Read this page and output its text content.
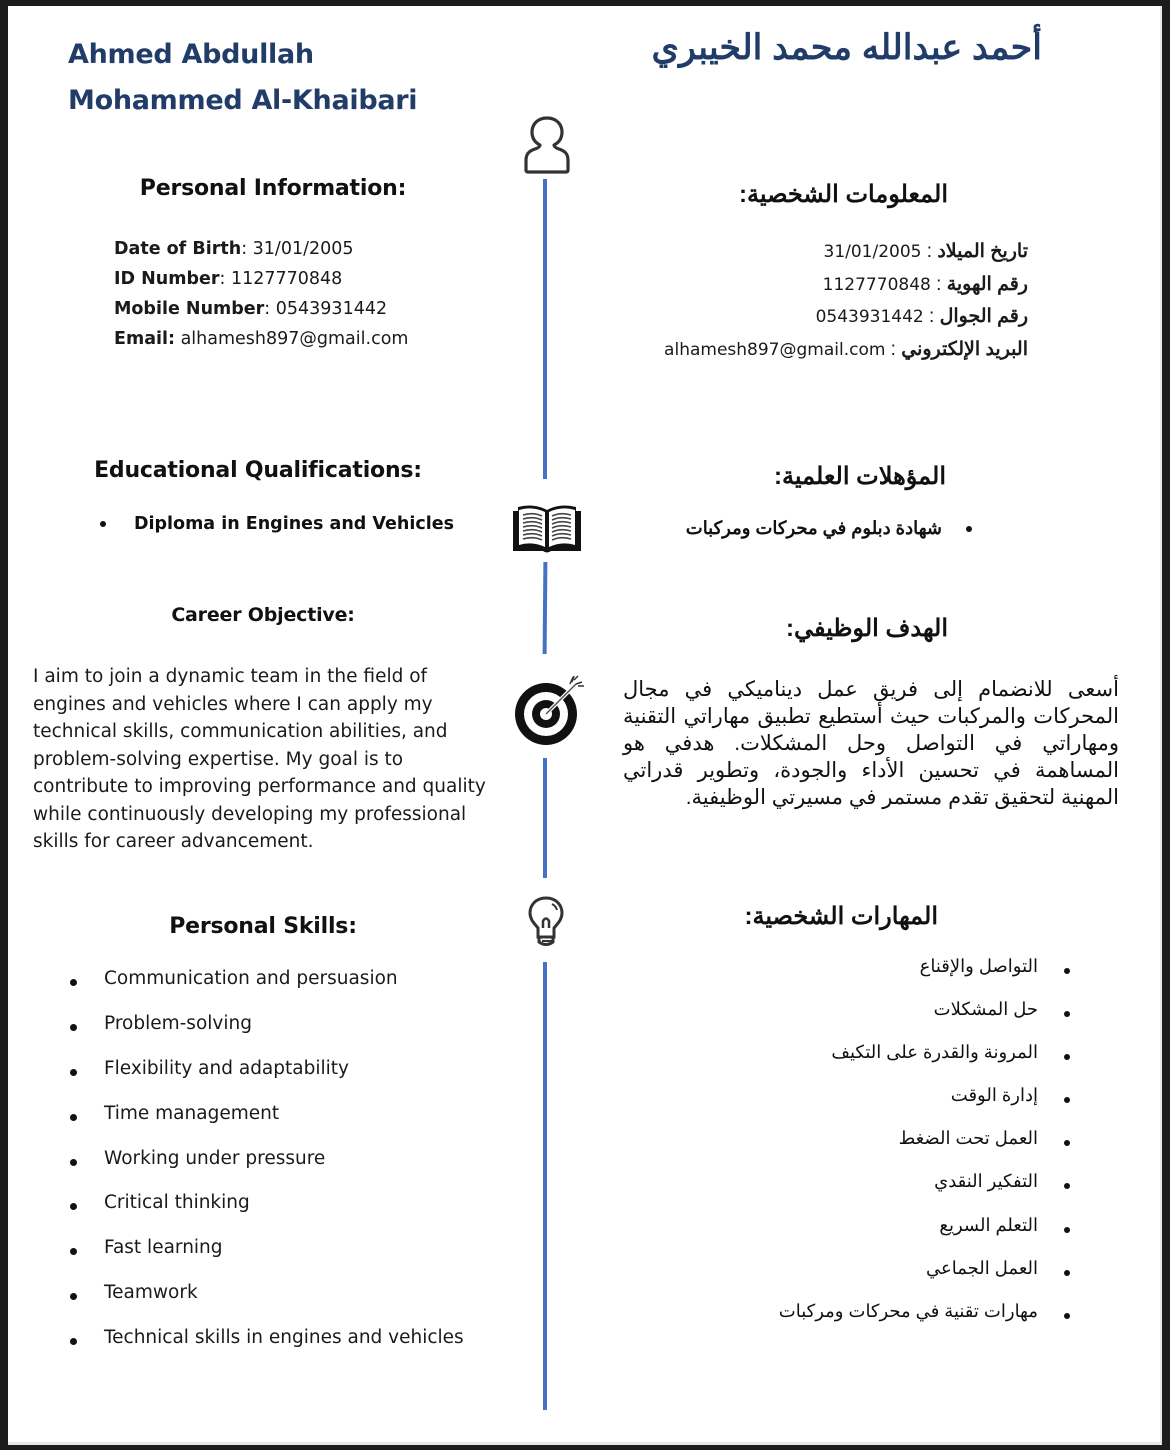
Ahmed Abdullah
Mohammed Al-Khaibari
أحمد عبدالله محمد الخيبري
Personal Information:	المعلومات الشخصية:
Date of Birth: 31/01/2005
ID Number: 1127770848
Mobile Number: 0543931442
Email: alhamesh897@gmail.com
تاريخ الميلاد : 31/01/2005
رقم الهوية : 1127770848
رقم الجوال : 0543931442
البريد الإلكتروني : alhamesh897@gmail.com
Educational Qualifications:	المؤهلات العلمية:
Diploma in Engines and Vehicles	شهادة دبلوم في محركات ومركبات
Career Objective:	الهدف الوظيفي:
I aim to join a dynamic team in the field of engines and vehicles where I can apply my technical skills, communication abilities, and problem-solving expertise. My goal is to contribute to improving performance and quality while continuously developing my professional skills for career advancement.
أسعى للانضمام إلى فريق عمل ديناميكي في مجال المحركات والمركبات حيث أستطيع تطبيق مهاراتي التقنية ومهاراتي في التواصل وحل المشكلات. هدفي هو المساهمة في تحسين الأداء والجودة، وتطوير قدراتي المهنية لتحقيق تقدم مستمر في مسيرتي الوظيفية.
Personal Skills:	المهارات الشخصية:
Communication and persuasion
Problem-solving
Flexibility and adaptability
Time management
Working under pressure
Critical thinking
Fast learning
Teamwork
Technical skills in engines and vehicles
التواصل والإقناع
حل المشكلات
المرونة والقدرة على التكيف
إدارة الوقت
العمل تحت الضغط
التفكير النقدي
التعلم السريع
العمل الجماعي
مهارات تقنية في محركات ومركبات
